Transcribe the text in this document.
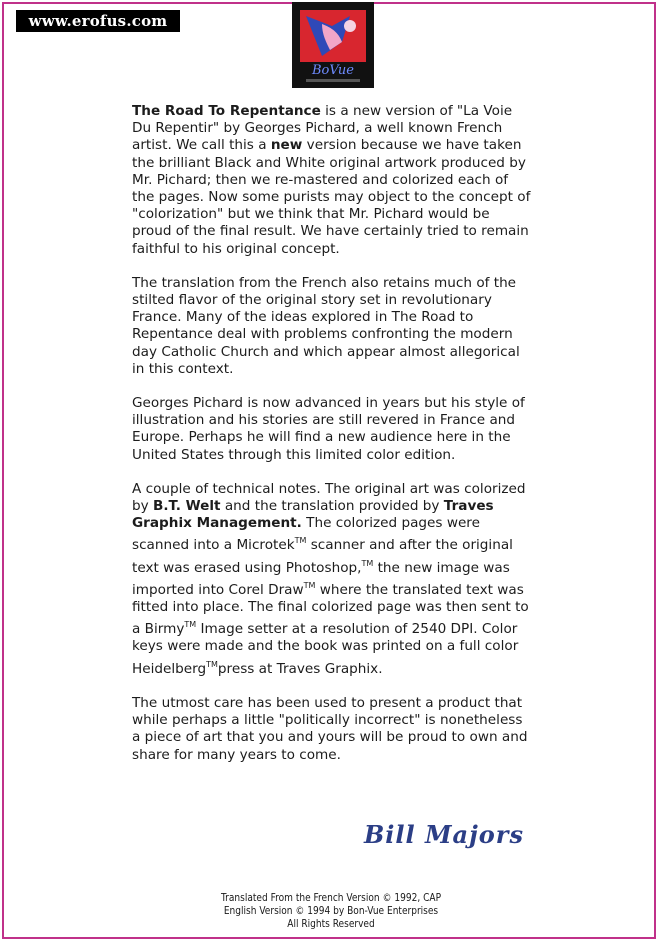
www.erofus.com
BoVue

The Road To Repentance is a new version of "La Voie Du Repentir" by Georges Pichard, a well known French artist. We call this a new version because we have taken the brilliant Black and White original artwork produced by Mr. Pichard; then we re-mastered and colorized each of the pages. Now some purists may object to the concept of "colorization" but we think that Mr. Pichard would be proud of the final result. We have certainly tried to remain faithful to his original concept.

The translation from the French also retains much of the stilted flavor of the original story set in revolutionary France. Many of the ideas explored in The Road to Repentance deal with problems confronting the modern day Catholic Church and which appear almost allegorical in this context.

Georges Pichard is now advanced in years but his style of illustration and his stories are still revered in France and Europe. Perhaps he will find a new audience here in the United States through this limited color edition.

A couple of technical notes. The original art was colorized by B.T. Welt and the translation provided by Traves Graphix Management. The colorized pages were scanned into a Microtek™ scanner and after the original text was erased using Photoshop,™ the new image was imported into Corel Draw™ where the translated text was fitted into place. The final colorized page was then sent to a Birmy™ Image setter at a resolution of 2540 DPI. Color keys were made and the book was printed on a full color Heidelberg™press at Traves Graphix.

The utmost care has been used to present a product that while perhaps a little "politically incorrect" is nonetheless a piece of art that you and yours will be proud to own and share for many years to come.

Bill Majors
Translated From the French Version © 1992, CAP
English Version © 1994 by Bon-Vue Enterprises
All Rights Reserved
